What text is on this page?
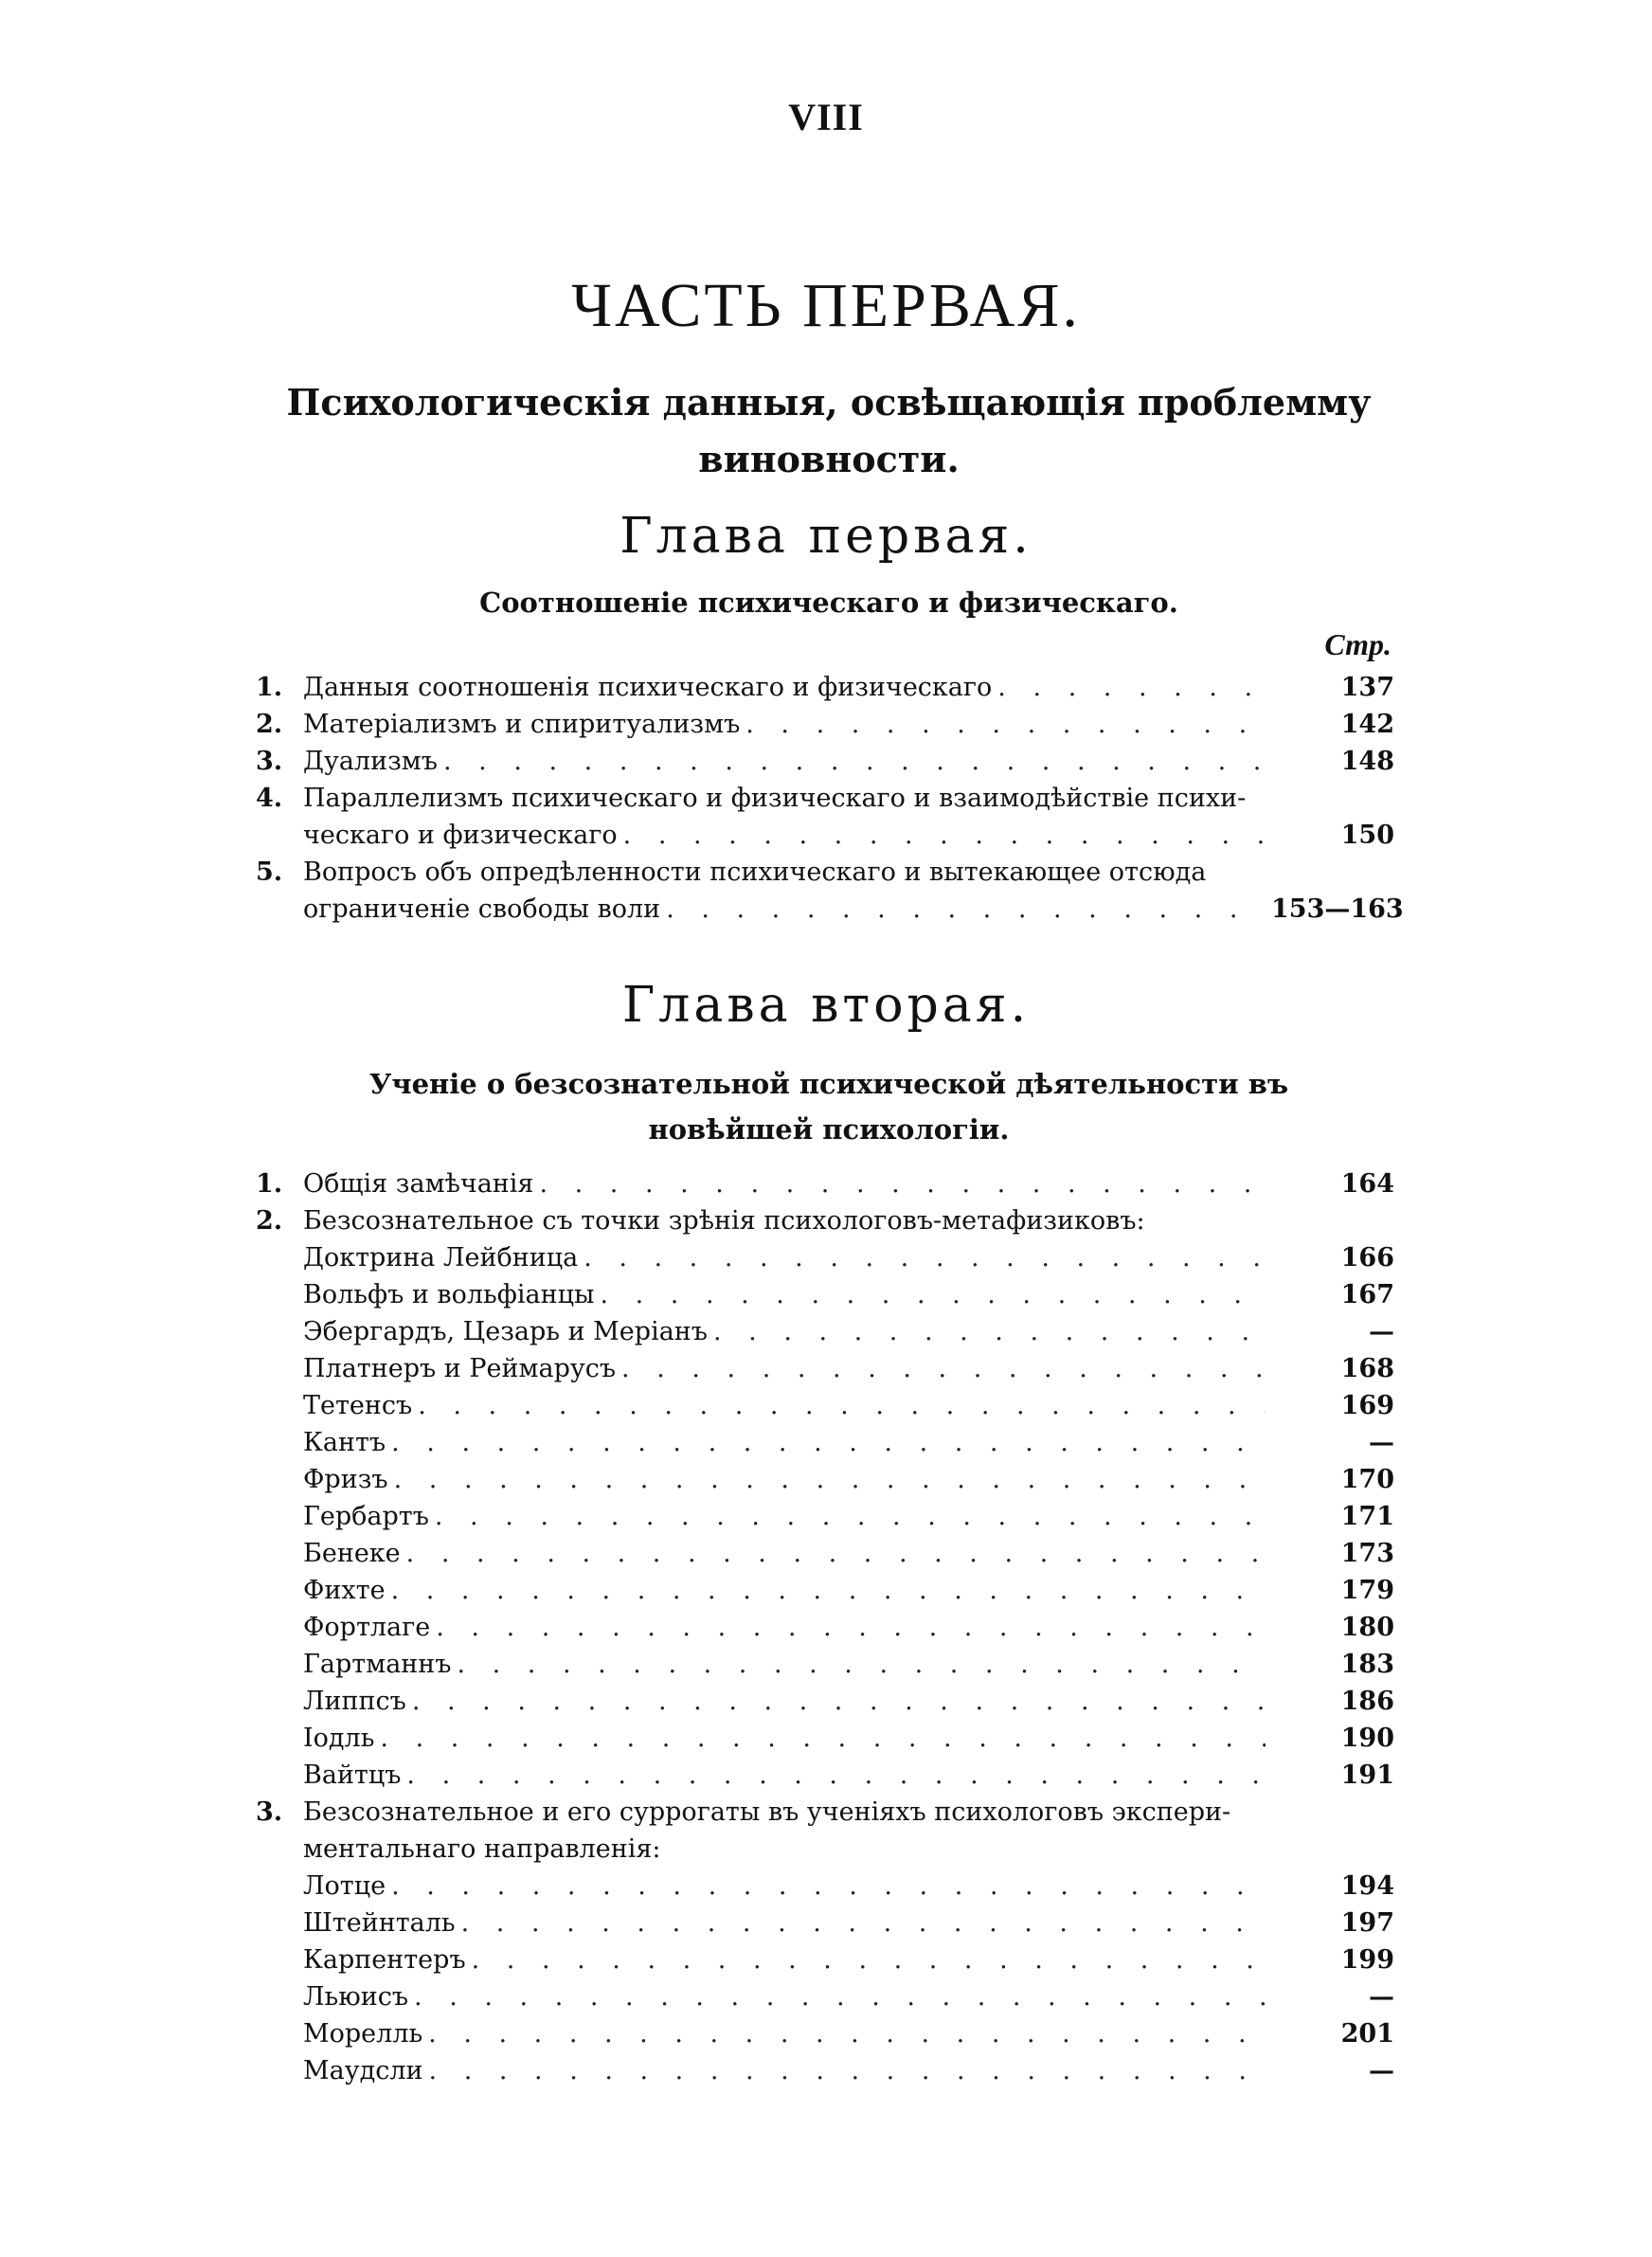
VIII
ЧАСТЬ ПЕРВАЯ.
Психологическія данныя, освѣщающія проблемму виновности.
Глава первая.
Соотношеніе психическаго и физическаго.
Стр.
1. Данныя соотношенія психическаго и физическаго . . .	137
2. Матеріализмъ и спиритуализмъ . . .	142
3. Дуализмъ . . .	148
4. Параллелизмъ психическаго и физическаго и взаимодѣйствіе психи-
ческаго и физическаго . . .	150
5. Вопросъ объ опредѣленности психическаго и вытекающее отсюда
ограниченіе свободы воли . . .	153—163
Глава вторая.
Ученіе о безсознательной психической дѣятельности въ новѣйшей психологіи.
1. Общія замѣчанія . . .	164
2. Безсознательное съ точки зрѣнія психологовъ-метафизиковъ:
Доктрина Лейбница . . .	166
Вольфъ и вольфіанцы . . .	167
Эбергардъ, Цезарь и Меріанъ . . .	—
Платнеръ и Реймарусъ . . .	168
Тетенсъ . . .	169
Кантъ . . .	—
Фризъ . . .	170
Гербартъ . . .	171
Бенеке . . .	173
Фихте . . .	179
Фортлаге . . .	180
Гартманнъ . . .	183
Липпсъ . . .	186
Іодль . . .	190
Вайтцъ . . .	191
3. Безсознательное и его суррогаты въ ученіяхъ психологовъ экспери-
ментальнаго направленія:
Лотце . . .	194
Штейнталь . . .	197
Карпентеръ . . .	199
Льюисъ . . .	—
Морелль . . .	201
Маудсли . . .	—
